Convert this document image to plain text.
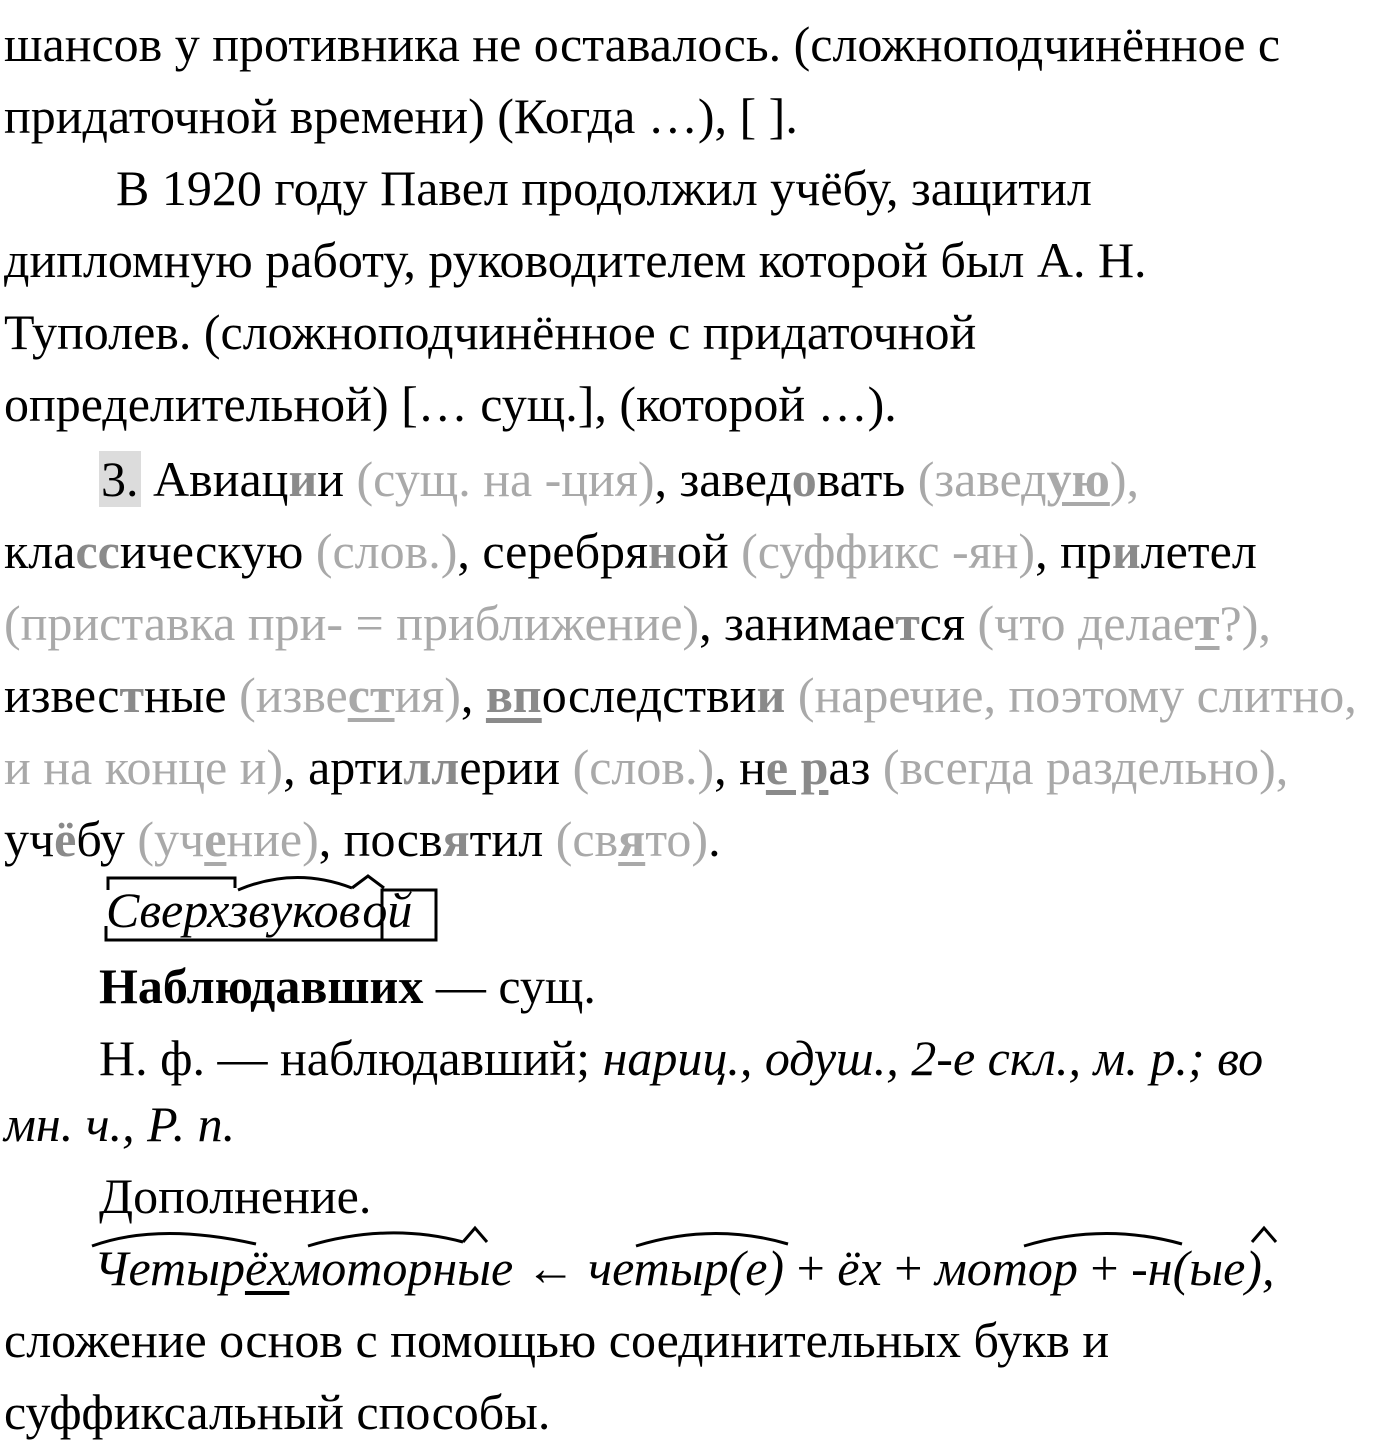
шансов у противника не оставалось. (сложноподчинённое с
придаточной времени) (Когда …), [ ].
В 1920 году Павел продолжил учёбу, защитил
дипломную работу, руководителем которой был А. Н.
Туполев. (сложноподчинённое с придаточной
определительной) [… сущ.], (которой …).
3. Авиации (сущ. на -ция), заведовать (заведую),
классическую (слов.), серебряной (суффикс -ян), прилетел
(приставка при- = приближение), занимается (что делает?),
известные (известия), впоследствии (наречие, поэтому слитно,
и на конце и), артиллерии (слов.), не раз (всегда раздельно),
учёбу (учение), посвятил (свято).
Сверхзвуковой
Наблюдавших — сущ.
Н. ф. — наблюдавший; нариц., одуш., 2-е скл., м. р.; во
мн. ч., Р. п.
Дополнение.
Четырёхмоторные ← четыр(е) + ёх + мотор + -н(ые),
сложение основ с помощью соединительных букв и
суффиксальный способы.
